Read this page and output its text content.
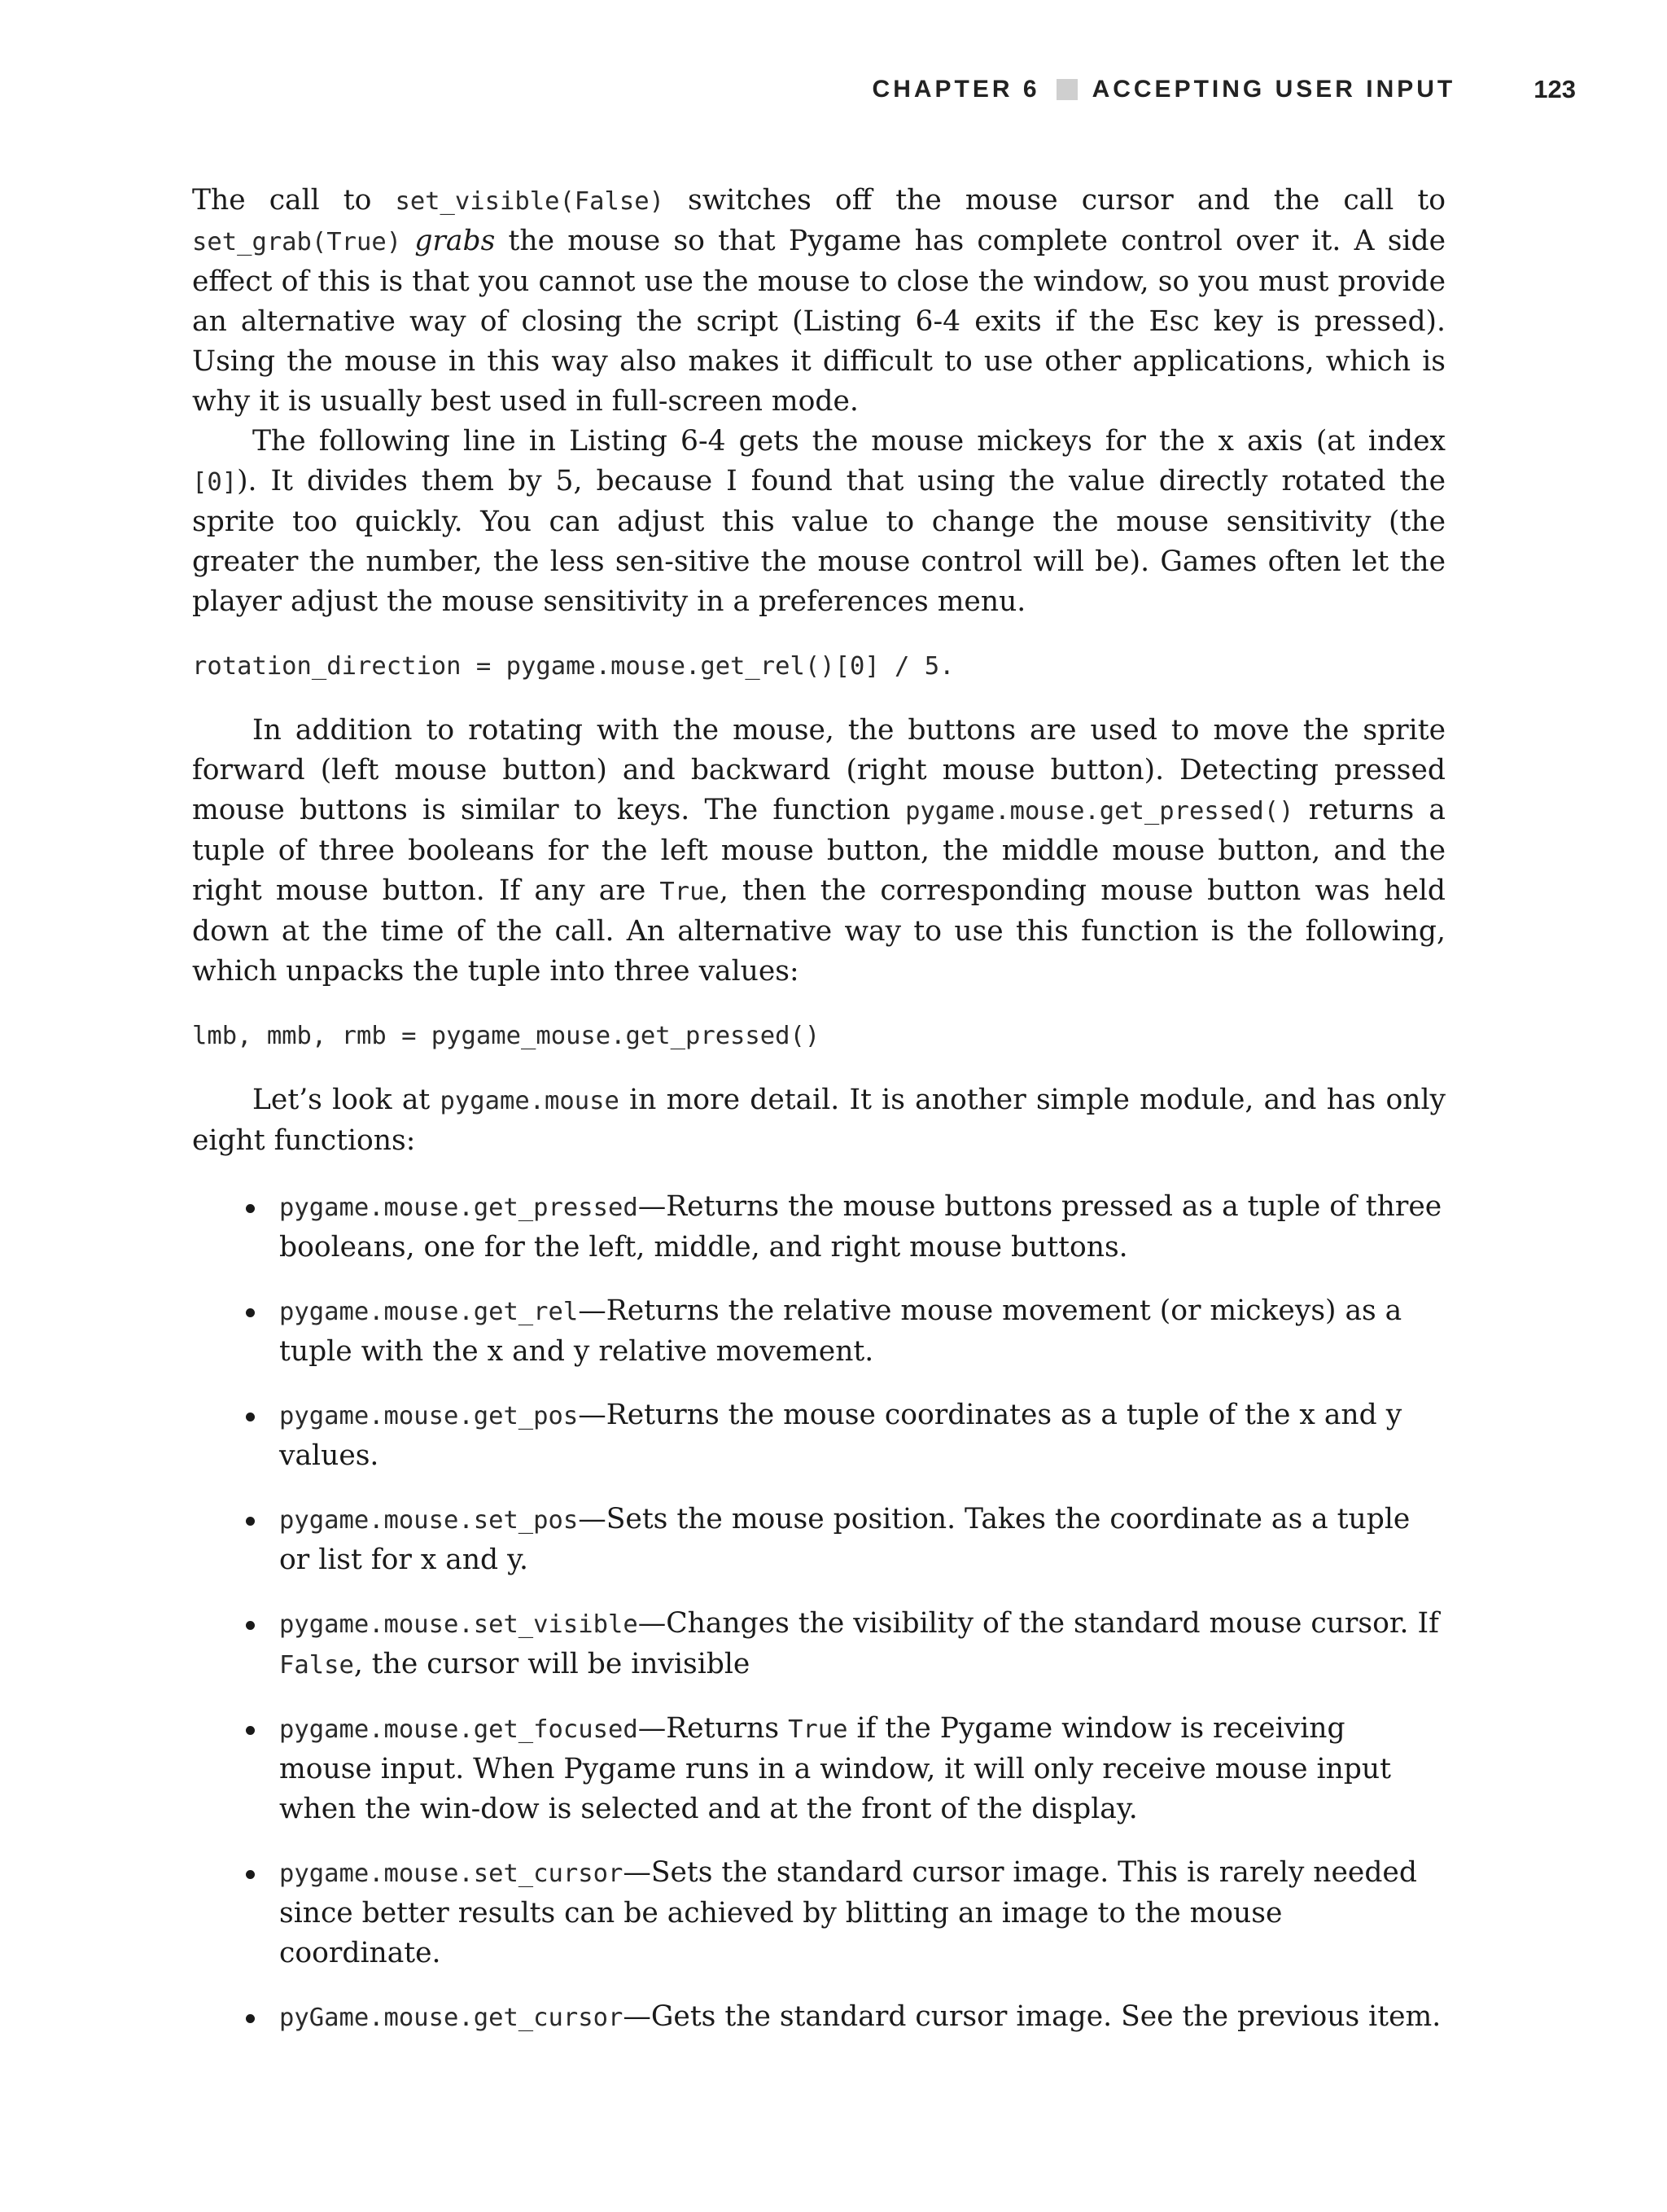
CHAPTER 6 ACCEPTING USER INPUT	123

The call to set_visible(False) switches off the mouse cursor and the call to set_grab(True) grabs the mouse so that Pygame has complete control over it. A side effect of this is that you cannot use the mouse to close the window, so you must provide an alternative way of closing the script (Listing 6-4 exits if the Esc key is pressed). Using the mouse in this way also makes it difficult to use other applications, which is why it is usually best used in full-screen mode.

The following line in Listing 6-4 gets the mouse mickeys for the x axis (at index [0]). It divides them by 5, because I found that using the value directly rotated the sprite too quickly. You can adjust this value to change the mouse sensitivity (the greater the number, the less sen-sitive the mouse control will be). Games often let the player adjust the mouse sensitivity in a preferences menu.

rotation_direction = pygame.mouse.get_rel()[0] / 5.

In addition to rotating with the mouse, the buttons are used to move the sprite forward (left mouse button) and backward (right mouse button). Detecting pressed mouse buttons is similar to keys. The function pygame.mouse.get_pressed() returns a tuple of three booleans for the left mouse button, the middle mouse button, and the right mouse button. If any are True, then the corresponding mouse button was held down at the time of the call. An alternative way to use this function is the following, which unpacks the tuple into three values:

lmb, mmb, rmb = pygame_mouse.get_pressed()

Let’s look at pygame.mouse in more detail. It is another simple module, and has only eight functions:

pygame.mouse.get_pressed—Returns the mouse buttons pressed as a tuple of three booleans, one for the left, middle, and right mouse buttons.
pygame.mouse.get_rel—Returns the relative mouse movement (or mickeys) as a tuple with the x and y relative movement.
pygame.mouse.get_pos—Returns the mouse coordinates as a tuple of the x and y values.
pygame.mouse.set_pos—Sets the mouse position. Takes the coordinate as a tuple or list for x and y.
pygame.mouse.set_visible—Changes the visibility of the standard mouse cursor. If False, the cursor will be invisible
pygame.mouse.get_focused—Returns True if the Pygame window is receiving mouse input. When Pygame runs in a window, it will only receive mouse input when the win-dow is selected and at the front of the display.
pygame.mouse.set_cursor—Sets the standard cursor image. This is rarely needed since better results can be achieved by blitting an image to the mouse coordinate.
pyGame.mouse.get_cursor—Gets the standard cursor image. See the previous item.
